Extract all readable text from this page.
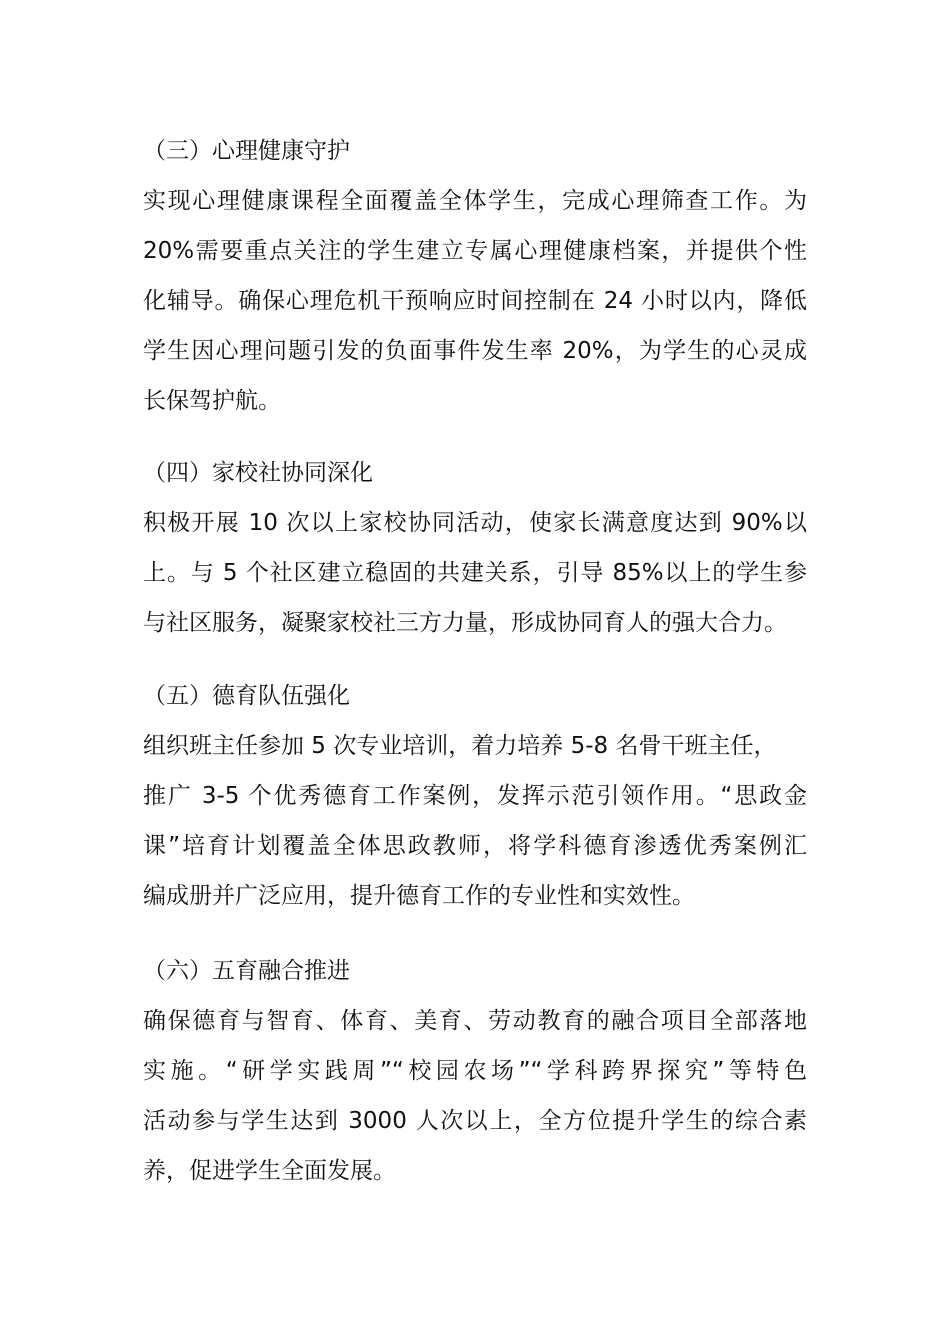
（三）心理健康守护
实现心理健康课程全面覆盖全体学生，完成心理筛查工作。为
20%需要重点关注的学生建立专属心理健康档案，并提供个性
化辅导。确保心理危机干预响应时间控制在 24 小时以内，降低
学生因心理问题引发的负面事件发生率 20%，为学生的心灵成
长保驾护航。
（四）家校社协同深化
积极开展 10 次以上家校协同活动，使家长满意度达到 90%以
上。与 5 个社区建立稳固的共建关系，引导 85%以上的学生参
与社区服务，凝聚家校社三方力量，形成协同育人的强大合力。
（五）德育队伍强化
组织班主任参加 5 次专业培训，着力培养 5-8 名骨干班主任，
推广 3-5 个优秀德育工作案例，发挥示范引领作用。“思政金
课”培育计划覆盖全体思政教师，将学科德育渗透优秀案例汇
编成册并广泛应用，提升德育工作的专业性和实效性。
（六）五育融合推进
确保德育与智育、体育、美育、劳动教育的融合项目全部落地
实施。“研学实践周”“校园农场”“学科跨界探究”等特色
活动参与学生达到 3000 人次以上，全方位提升学生的综合素
养，促进学生全面发展。
